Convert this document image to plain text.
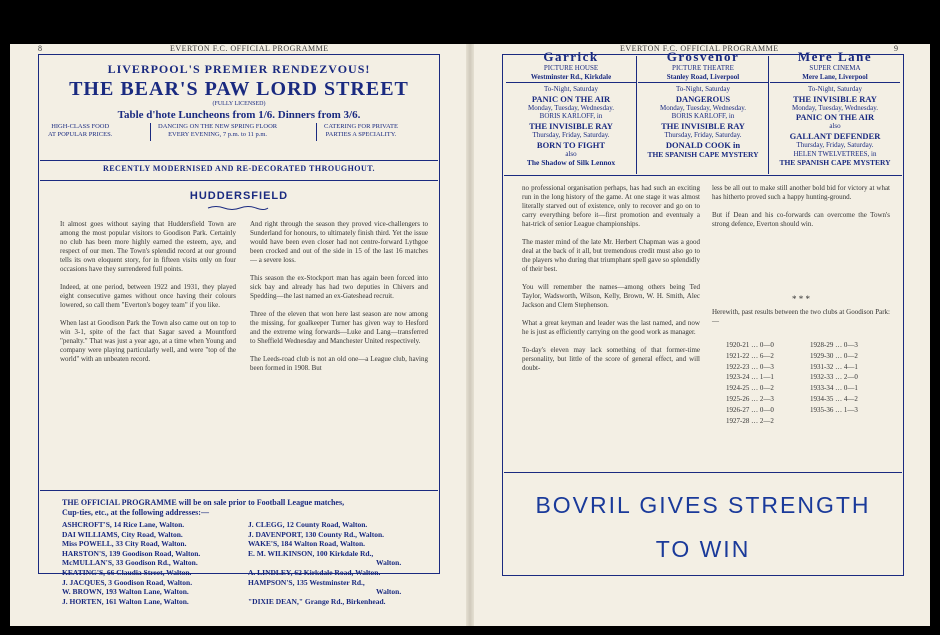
8	EVERTON F.C. OFFICIAL PROGRAMME
LIVERPOOL'S PREMIER RENDEZVOUS!
THE BEAR'S PAW LORD STREET
(FULLY LICENSED)
Table d'hote Luncheons from 1/6. Dinners from 3/6.
HIGH-CLASS FOOD
AT POPULAR PRICES.
DANCING ON THE NEW SPRING FLOOR
EVERY EVENING, 7 p.m. to 11 p.m.
CATERING FOR PRIVATE
PARTIES A SPECIALITY.
RECENTLY MODERNISED AND RE-DECORATED THROUGHOUT.
HUDDERSFIELD
It almost goes without saying that Huddersfield Town are among the most popular visitors to Goodison Park. Certainly no club has been more highly earned the esteem, aye, and respect of our men. The Town's splendid record at our ground tells its own eloquent story, for in fifteen visits only on four occasions have they surrendered full points.

Indeed, at one period, between 1922 and 1931, they played eight consecutive games without once having their colours lowered, so call them "Everton's bogey team" if you like.

When last at Goodison Park the Town also came out on top to win 3-1, spite of the fact that Sagar saved a Mountford "penalty." That was just a year ago, at a time when Young and company were playing particularly well, and were "top of the world" with an unbeaten record.
And right through the season they proved vice-challengers to Sunderland for honours, to ultimately finish third. Yet the issue would have been even closer had not centre-forward Lythgoe been crocked and out of the side in 15 of the last 16 matches — a severe loss.

This season the ex-Stockport man has again been forced into sick bay and already has had two deputies in Chivers and Spedding—the last named an ex-Gateshead recruit.

Three of the eleven that won here last season are now among the missing, for goalkeeper Turner has given way to Hesford and the extreme wing forwards—Luke and Lang—transferred to Sheffield Wednesday and Manchester United respectively.

The Leeds-road club is not an old one—a League club, having been formed in 1908. But
THE OFFICIAL PROGRAMME will be on sale prior to Football League matches,
Cup-ties, etc., at the following addresses:—
ASHCROFT'S, 14 Rice Lane, Walton.
DAI WILLIAMS, City Road, Walton.
Miss POWELL, 33 City Road, Walton.
HARSTON'S, 139 Goodison Road, Walton.
McMULLAN'S, 33 Goodison Rd., Walton.
KEATING'S, 66 Claudia Street, Walton.
J. JACQUES, 3 Goodison Road, Walton.
W. BROWN, 193 Walton Lane, Walton.
J. HORTEN, 161 Walton Lane, Walton.
J. CLEGG, 12 County Road, Walton.
J. DAVENPORT, 130 County Rd., Walton.
WAKE'S, 184 Walton Road, Walton.
E. M. WILKINSON, 100 Kirkdale Rd.,
Walton.
A. LINDLEY, 62 Kirkdale Road, Walton.
HAMPSON'S, 135 Westminster Rd.,
Walton.
"DIXIE DEAN," Grange Rd., Birkenhead.
EVERTON F.C. OFFICIAL PROGRAMME	9
Garrick
PICTURE HOUSE
Westminster Rd., Kirkdale
To-Night, Saturday
PANIC ON THE AIR
Monday, Tuesday, Wednesday.
BORIS KARLOFF, in
THE INVISIBLE RAY
Thursday, Friday, Saturday.
BORN TO FIGHT
also
The Shadow of Silk Lennox
Grosvenor
PICTURE THEATRE
Stanley Road, Liverpool
To-Night, Saturday
DANGEROUS
Monday, Tuesday, Wednesday.
BORIS KARLOFF, in
THE INVISIBLE RAY
Thursday, Friday, Saturday.
DONALD COOK in
THE SPANISH CAPE MYSTERY
Mere Lane
SUPER CINEMA
Mere Lane, Liverpool
To-Night, Saturday
THE INVISIBLE RAY
Monday, Tuesday, Wednesday.
PANIC ON THE AIR
also
GALLANT DEFENDER
Thursday, Friday, Saturday.
HELEN TWELVETREES, in
THE SPANISH CAPE MYSTERY
no professional organisation perhaps, has had such an exciting run in the long history of the game. At one stage it was almost literally starved out of existence, only to recover and go on to carry everything before it—first promotion and eventualy a hat-trick of senior League championships.

The master mind of the late Mr. Herbert Chapman was a good deal at the back of it all, but tremendous credit must also go to the players who during that triumphant spell gave so splendidly of their best.

You will remember the names—among others being Ted Taylor, Wadsworth, Wilson, Kelly, Brown, W. H. Smith, Alec Jackson and Clem Stephenson.

What a great keyman and leader was the last named, and now he is just as efficiently carrying on the good work as manager.

To-day's eleven may lack something of that former-time personality, but little of the score of general effect, and will doubt-
less be all out to make still another bold bid for victory at what has hitherto proved such a happy hunting-ground.

But if Dean and his co-forwards can overcome the Town's strong defence, Everton should win.
* * *
Herewith, past results between the two clubs at Goodison Park:—
1920-21 … 0—0
1921-22 … 6—2
1922-23 … 0—3
1923-24 … 1—1
1924-25 … 0—2
1925-26 … 2—3
1926-27 … 0—0
1927-28 … 2—2
1928-29 … 0—3
1929-30 … 0—2
1931-32 … 4—1
1932-33 … 2—0
1933-34 … 0—1
1934-35 … 4—2
1935-36 … 1—3
BOVRIL GIVES STRENGTH
TO WIN
